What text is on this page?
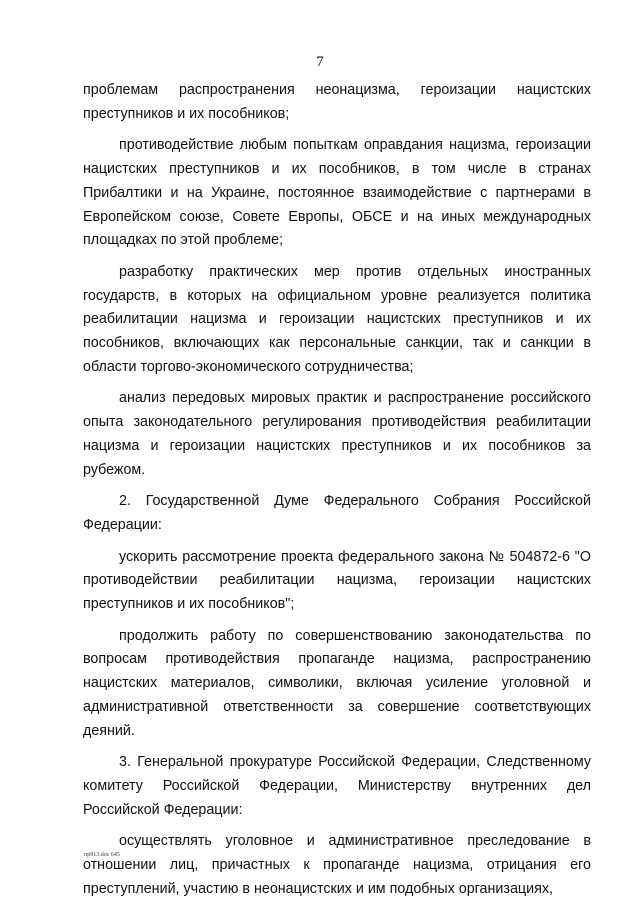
7

проблемам распространения неонацизма, героизации нацистских преступников и их пособников;

противодействие любым попыткам оправдания нацизма, героизации нацистских преступников и их пособников, в том числе в странах Прибалтики и на Украине, постоянное взаимодействие с партнерами в Европейском союзе, Совете Европы, ОБСЕ и на иных международных площадках по этой проблеме;

разработку практических мер против отдельных иностранных государств, в которых на официальном уровне реализуется политика реабилитации нацизма и героизации нацистских преступников и их пособников, включающих как персональные санкции, так и санкции в области торгово-экономического сотрудничества;

анализ передовых мировых практик и распространение российского опыта законодательного регулирования противодействия реабилитации нацизма и героизации нацистских преступников и их пособников за рубежом.

2. Государственной Думе Федерального Собрания Российской Федерации:

ускорить рассмотрение проекта федерального закона № 504872-6 "О противодействии реабилитации нацизма, героизации нацистских преступников и их пособников";

продолжить работу по совершенствованию законодательства по вопросам противодействия пропаганде нацизма, распространению нацистских материалов, символики, включая усиление уголовной и административной ответственности за совершение соответствующих деяний.

3. Генеральной прокуратуре Российской Федерации, Следственному комитету Российской Федерации, Министерству внутренних дел Российской Федерации:

осуществлять уголовное и административное преследование в отношении лиц, причастных к пропаганде нацизма, отрицания его преступлений, участию в неонацистских и им подобных организациях,

пр913.doc 645
